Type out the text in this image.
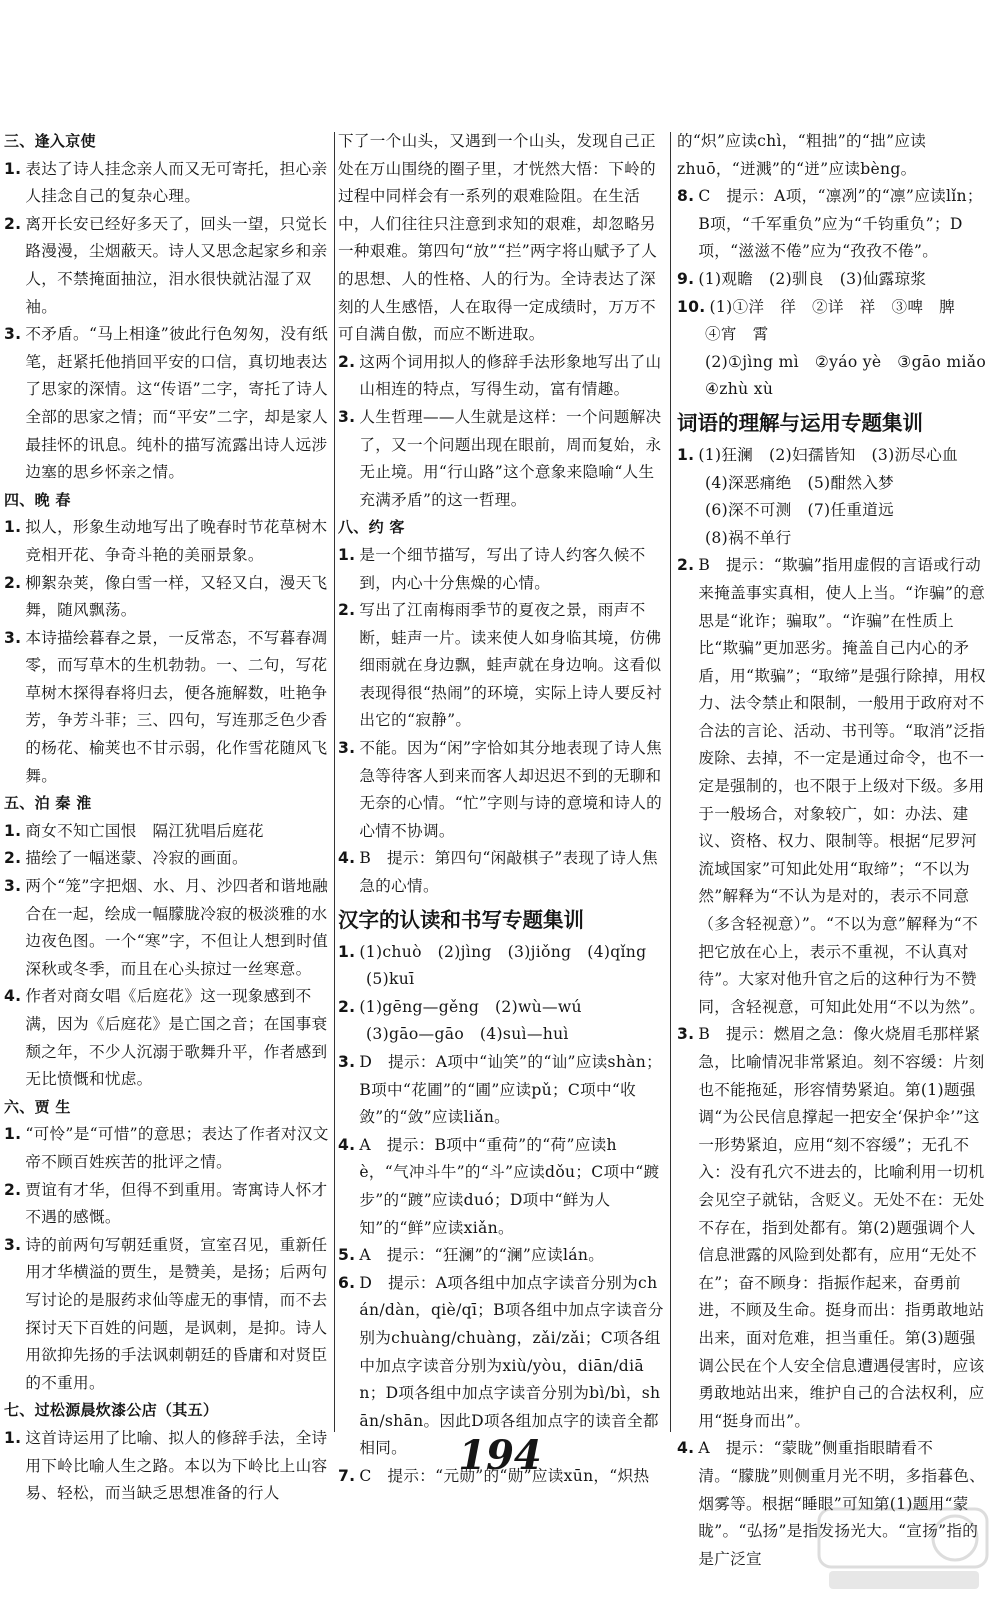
三、逢入京使
1. 表达了诗人挂念亲人而又无可寄托，担心亲人挂念自己的复杂心理。
2. 离开长安已经好多天了，回头一望，只觉长路漫漫，尘烟蔽天。诗人又思念起家乡和亲人，不禁掩面抽泣，泪水很快就沾湿了双袖。
3. 不矛盾。“马上相逢”彼此行色匆匆，没有纸笔，赶紧托他捎回平安的口信，真切地表达了思家的深情。这“传语”二字，寄托了诗人全部的思家之情；而“平安”二字，却是家人最挂怀的讯息。纯朴的描写流露出诗人远涉边塞的思乡怀亲之情。
四、晚 春
1. 拟人，形象生动地写出了晚春时节花草树木竞相开花、争奇斗艳的美丽景象。
2. 柳絮杂荚，像白雪一样，又轻又白，漫天飞舞，随风飘荡。
3. 本诗描绘暮春之景，一反常态，不写暮春凋零，而写草木的生机勃勃。一、二句，写花草树木探得春将归去，便各施解数，吐艳争芳，争芳斗菲；三、四句，写连那乏色少香的杨花、榆荚也不甘示弱，化作雪花随风飞舞。
五、泊 秦 淮
1. 商女不知亡国恨　隔江犹唱后庭花
2. 描绘了一幅迷蒙、冷寂的画面。
3. 两个“笼”字把烟、水、月、沙四者和谐地融合在一起，绘成一幅朦胧冷寂的极淡雅的水边夜色图。一个“寒”字，不但让人想到时值深秋或冬季，而且在心头掠过一丝寒意。
4. 作者对商女唱《后庭花》这一现象感到不满，因为《后庭花》是亡国之音；在国事衰颓之年，不少人沉溺于歌舞升平，作者感到无比愤慨和忧虑。
六、贾 生
1. “可怜”是“可惜”的意思；表达了作者对汉文帝不顾百姓疾苦的批评之情。
2. 贾谊有才华，但得不到重用。寄寓诗人怀才不遇的感慨。
3. 诗的前两句写朝廷重贤，宣室召见，重新任用才华横溢的贾生，是赞美，是扬；后两句写讨论的是服药求仙等虚无的事情，而不去探讨天下百姓的问题，是讽刺，是抑。诗人用欲抑先扬的手法讽刺朝廷的昏庸和对贤臣的不重用。
七、过松源晨炊漆公店（其五）
1. 这首诗运用了比喻、拟人的修辞手法，全诗用下岭比喻人生之路。本以为下岭比上山容易、轻松，而当缺乏思想准备的行人
下了一个山头，又遇到一个山头，发现自己正处在万山围绕的圈子里，才恍然大悟：下岭的过程中同样会有一系列的艰难险阻。在生活中，人们往往只注意到求知的艰难，却忽略另一种艰难。第四句“放”“拦”两字将山赋予了人的思想、人的性格、人的行为。全诗表达了深刻的人生感悟，人在取得一定成绩时，万万不可自满自傲，而应不断进取。
2. 这两个词用拟人的修辞手法形象地写出了山山相连的特点，写得生动，富有情趣。
3. 人生哲理——人生就是这样：一个问题解决了，又一个问题出现在眼前，周而复始，永无止境。用“行山路”这个意象来隐喻“人生充满矛盾”的这一哲理。
八、约 客
1. 是一个细节描写，写出了诗人约客久候不到，内心十分焦燥的心情。
2. 写出了江南梅雨季节的夏夜之景，雨声不断，蛙声一片。读来使人如身临其境，仿佛细雨就在身边飘，蛙声就在身边响。这看似表现得很“热闹”的环境，实际上诗人要反衬出它的“寂静”。
3. 不能。因为“闲”字恰如其分地表现了诗人焦急等待客人到来而客人却迟迟不到的无聊和无奈的心情。“忙”字则与诗的意境和诗人的心情不协调。
4. B　提示：第四句“闲敲棋子”表现了诗人焦急的心情。
汉字的认读和书写专题集训
1. (1)chuò　(2)jìng　(3)jiǒng　(4)qǐng
(5)kuī
2. (1)gēng—gěng　(2)wù—wú
(3)gāo—gāo　(4)suì—huì
3. D　提示：A项中“讪笑”的“讪”应读shàn；B项中“花圃”的“圃”应读pǔ；C项中“收敛”的“敛”应读liǎn。
4. A　提示：B项中“重荷”的“荷”应读hè，“气冲斗牛”的“斗”应读dǒu；C项中“踱步”的“踱”应读duó；D项中“鲜为人知”的“鲜”应读xiǎn。
5. A　提示：“狂澜”的“澜”应读lán。
6. D　提示：A项各组中加点字读音分别为chán/dàn，qiè/qī；B项各组中加点字读音分别为chuàng/chuàng，zǎi/zǎi；C项各组中加点字读音分别为xiù/yòu，diān/diān；D项各组中加点字读音分别为bì/bì，shān/shān。因此D项各组加点字的读音全都相同。
7. C　提示：“元勋”的“勋”应读xūn，“炽热
的“炽”应读chì，“粗拙”的“拙”应读zhuō，“迸溅”的“迸”应读bèng。
8. C　提示：A项，“凛冽”的“凛”应读lǐn；B项，“千军重负”应为“千钧重负”；D项，“滋滋不倦”应为“孜孜不倦”。
9. (1)观瞻　(2)驯良　(3)仙露琼浆
10. (1)①洋　徉　②详　祥　③啤　脾
④宵　霄
(2)①jìng mì　②yáo yè　③gāo miǎo
④zhù xù
词语的理解与运用专题集训
1. (1)狂澜　(2)妇孺皆知　(3)沥尽心血
(4)深恶痛绝　(5)酣然入梦
(6)深不可测　(7)任重道远
(8)祸不单行
2. B　提示：“欺骗”指用虚假的言语或行动来掩盖事实真相，使人上当。“诈骗”的意思是“讹诈；骗取”。“诈骗”在性质上比“欺骗”更加恶劣。掩盖自己内心的矛盾，用“欺骗”；“取缔”是强行除掉，用权力、法令禁止和限制，一般用于政府对不合法的言论、活动、书刊等。“取消”泛指废除、去掉，不一定是通过命令，也不一定是强制的，也不限于上级对下级。多用于一般场合，对象较广，如：办法、建议、资格、权力、限制等。根据“尼罗河流域国家”可知此处用“取缔”；“不以为然”解释为“不认为是对的，表示不同意（多含轻视意）”。“不以为意”解释为“不把它放在心上，表示不重视，不认真对待”。大家对他升官之后的这种行为不赞同，含轻视意，可知此处用“不以为然”。
3. B　提示：燃眉之急：像火烧眉毛那样紧急，比喻情况非常紧迫。刻不容缓：片刻也不能拖延，形容情势紧迫。第(1)题强调“为公民信息撑起一把安全‘保护伞’”这一形势紧迫，应用“刻不容缓”；无孔不入：没有孔穴不进去的，比喻利用一切机会见空子就钻，含贬义。无处不在：无处不存在，指到处都有。第(2)题强调个人信息泄露的风险到处都有，应用“无处不在”；奋不顾身：指振作起来，奋勇前进，不顾及生命。挺身而出：指勇敢地站出来，面对危难，担当重任。第(3)题强调公民在个人安全信息遭遇侵害时，应该勇敢地站出来，维护自己的合法权利，应用“挺身而出”。
4. A　提示：“蒙眬”侧重指眼睛看不清。“朦胧”则侧重月光不明，多指暮色、烟雾等。根据“睡眼”可知第(1)题用“蒙眬”。“弘扬”是指发扬光大。“宣扬”指的是广泛宣
194
